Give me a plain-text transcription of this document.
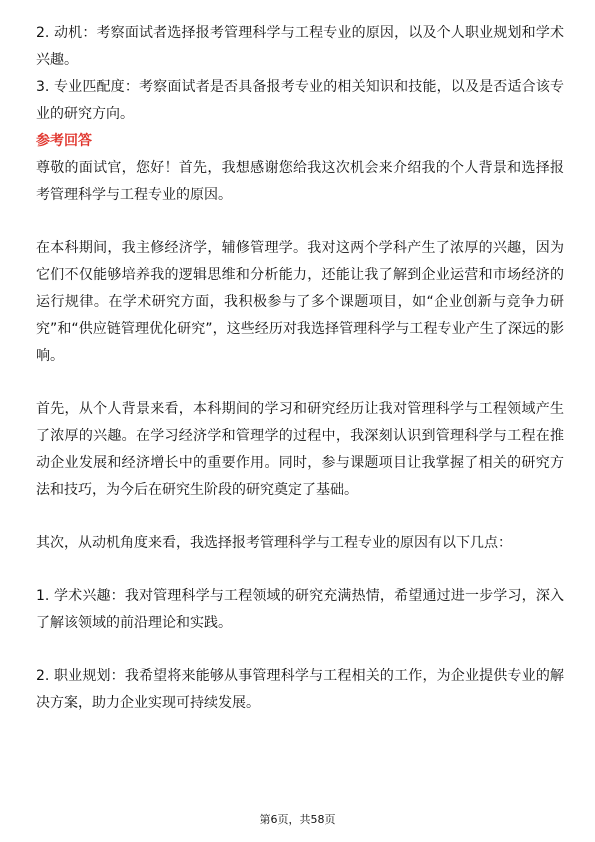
2. 动机：考察面试者选择报考管理科学与工程专业的原因，以及个人职业规划和学术兴趣。

3. 专业匹配度：考察面试者是否具备报考专业的相关知识和技能，以及是否适合该专业的研究方向。

参考回答

尊敬的面试官，您好！首先，我想感谢您给我这次机会来介绍我的个人背景和选择报考管理科学与工程专业的原因。

在本科期间，我主修经济学，辅修管理学。我对这两个学科产生了浓厚的兴趣，因为它们不仅能够培养我的逻辑思维和分析能力，还能让我了解到企业运营和市场经济的运行规律。在学术研究方面，我积极参与了多个课题项目，如“企业创新与竞争力研究”和“供应链管理优化研究”，这些经历对我选择管理科学与工程专业产生了深远的影响。

首先，从个人背景来看，本科期间的学习和研究经历让我对管理科学与工程领域产生了浓厚的兴趣。在学习经济学和管理学的过程中，我深刻认识到管理科学与工程在推动企业发展和经济增长中的重要作用。同时，参与课题项目让我掌握了相关的研究方法和技巧，为今后在研究生阶段的研究奠定了基础。

其次，从动机角度来看，我选择报考管理科学与工程专业的原因有以下几点：

1. 学术兴趣：我对管理科学与工程领域的研究充满热情，希望通过进一步学习，深入了解该领域的前沿理论和实践。

2. 职业规划：我希望将来能够从事管理科学与工程相关的工作，为企业提供专业的解决方案，助力企业实现可持续发展。

第6页，共58页
